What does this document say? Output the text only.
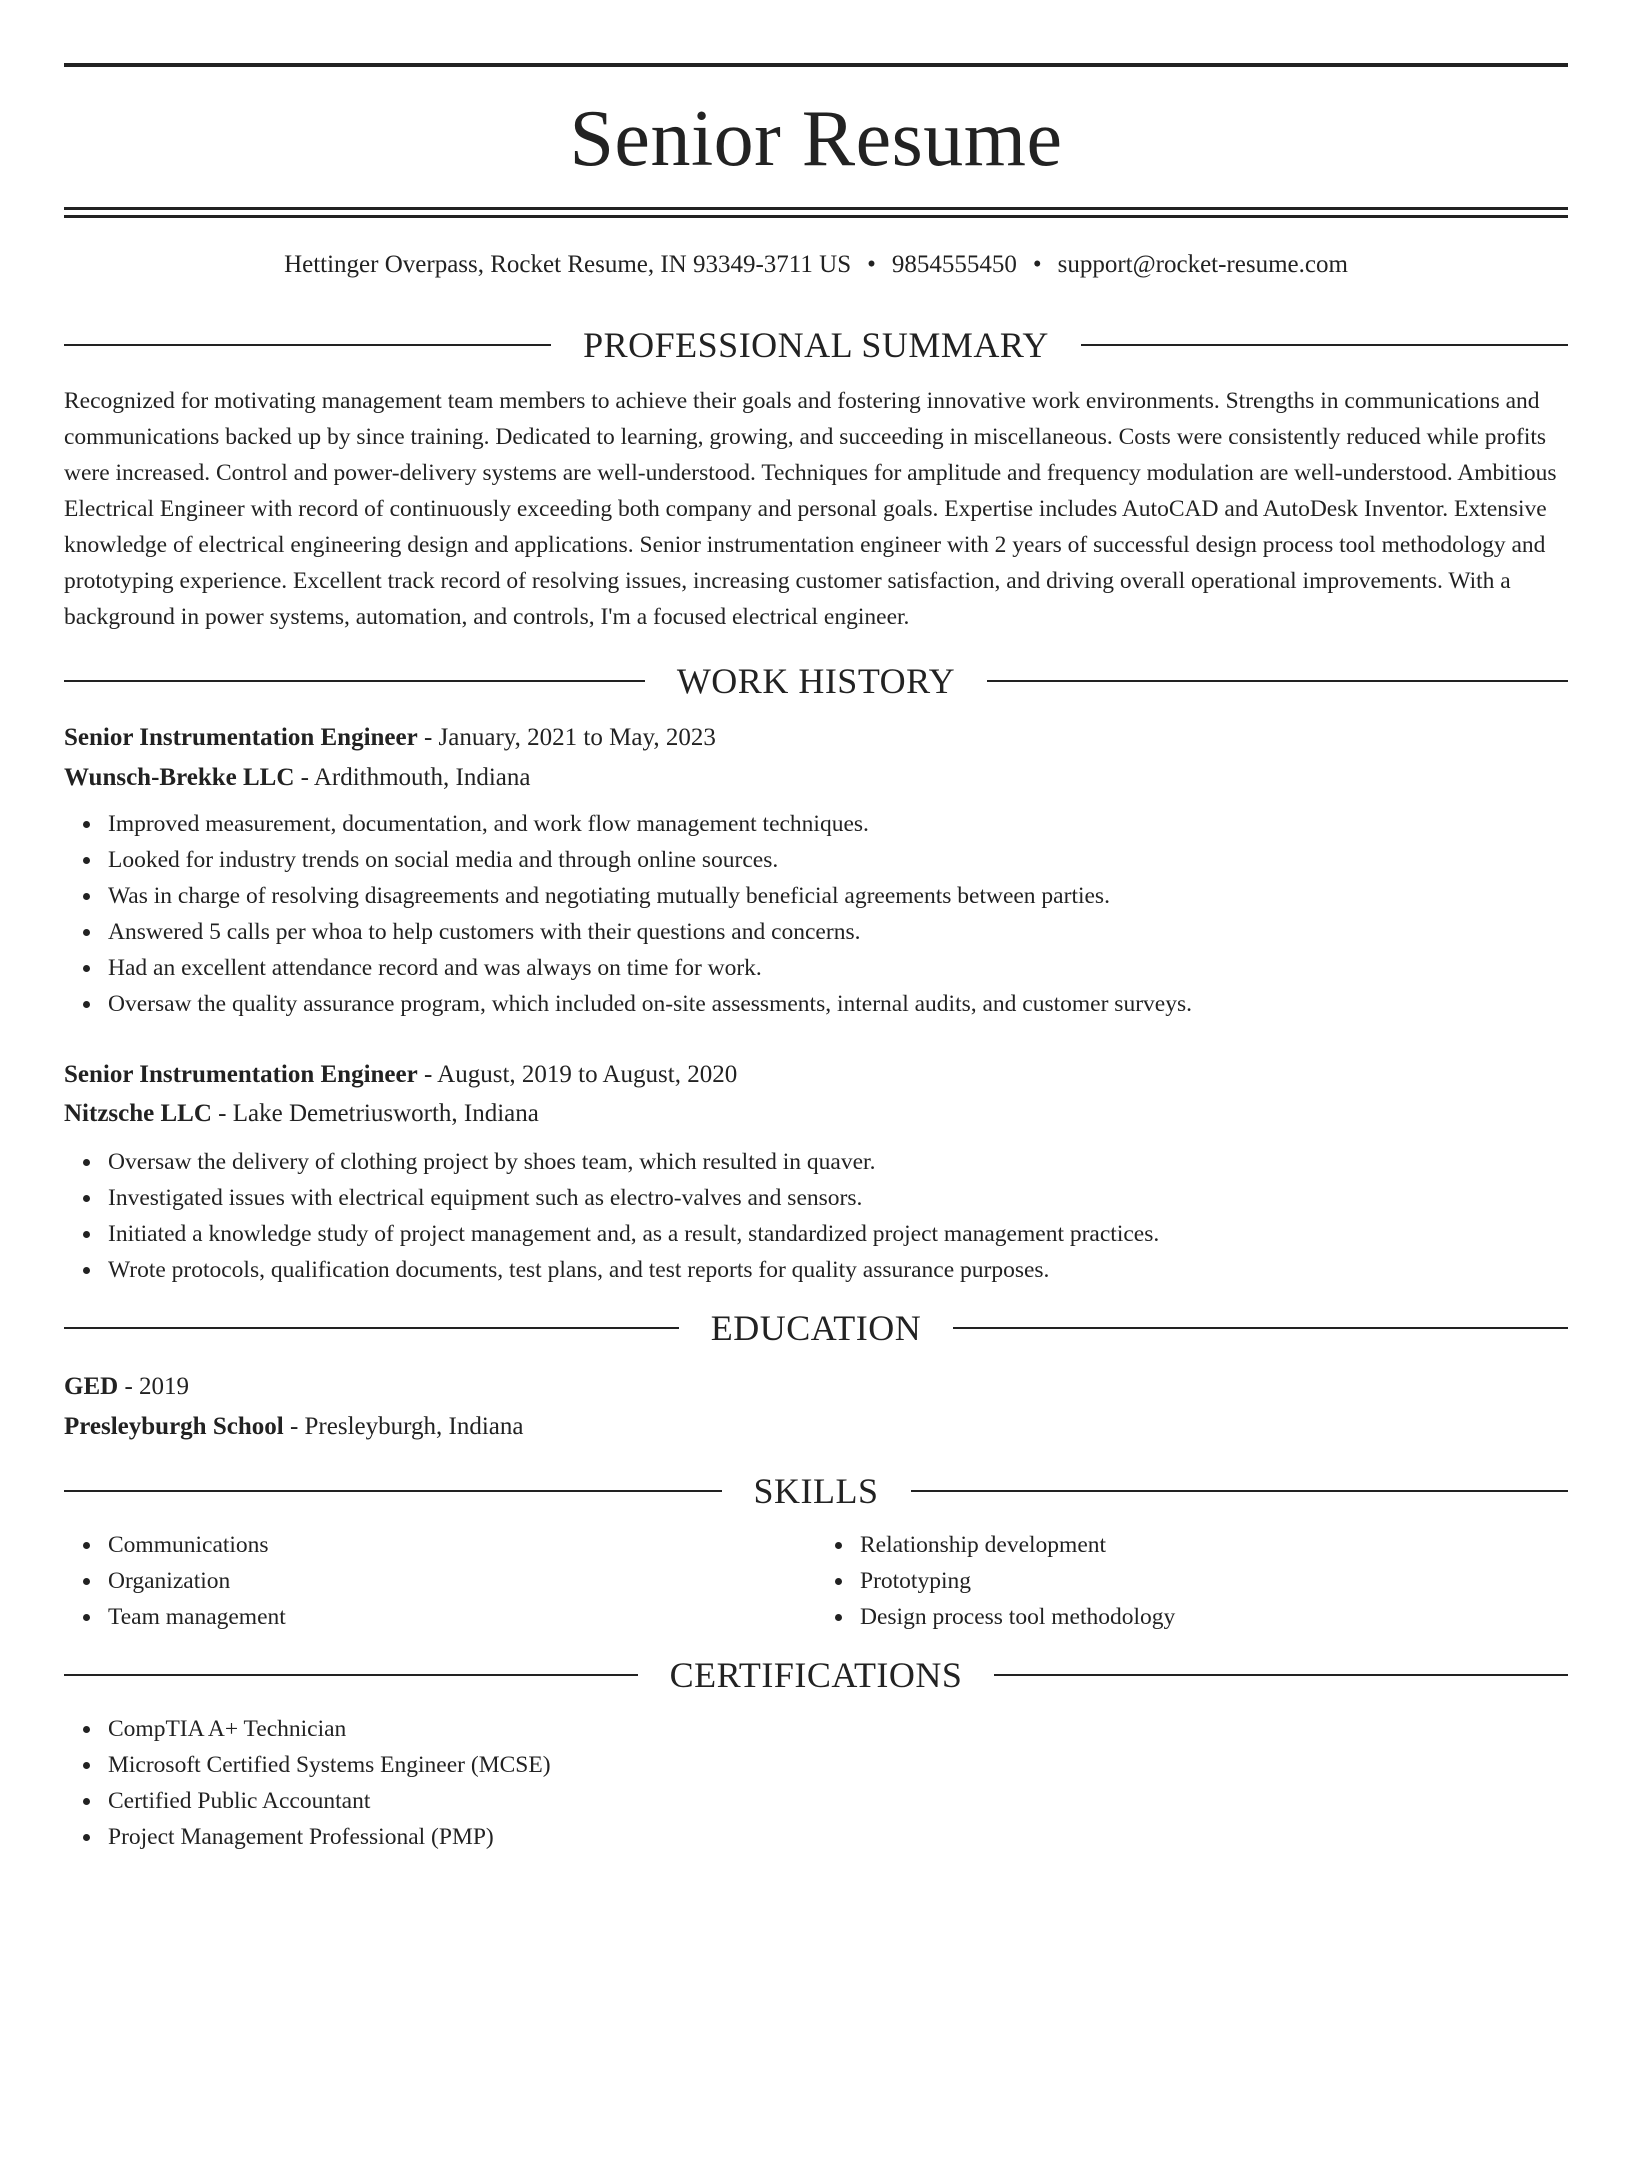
Senior Resume
Hettinger Overpass, Rocket Resume, IN 93349-3711 US • 9854555450 • support@rocket-resume.com
PROFESSIONAL SUMMARY

Recognized for motivating management team members to achieve their goals and fostering innovative work environments. Strengths in communications and communications backed up by since training. Dedicated to learning, growing, and succeeding in miscellaneous. Costs were consistently reduced while profits were increased. Control and power-delivery systems are well-understood. Techniques for amplitude and frequency modulation are well-understood. Ambitious Electrical Engineer with record of continuously exceeding both company and personal goals. Expertise includes AutoCAD and AutoDesk Inventor. Extensive knowledge of electrical engineering design and applications. Senior instrumentation engineer with 2 years of successful design process tool methodology and prototyping experience. Excellent track record of resolving issues, increasing customer satisfaction, and driving overall operational improvements. With a background in power systems, automation, and controls, I'm a focused electrical engineer.

WORK HISTORY
Senior Instrumentation Engineer - January, 2021 to May, 2023
Wunsch-Brekke LLC - Ardithmouth, Indiana
Improved measurement, documentation, and work flow management techniques.
Looked for industry trends on social media and through online sources.
Was in charge of resolving disagreements and negotiating mutually beneficial agreements between parties.
Answered 5 calls per whoa to help customers with their questions and concerns.
Had an excellent attendance record and was always on time for work.
Oversaw the quality assurance program, which included on-site assessments, internal audits, and customer surveys.
Senior Instrumentation Engineer - August, 2019 to August, 2020
Nitzsche LLC - Lake Demetriusworth, Indiana
Oversaw the delivery of clothing project by shoes team, which resulted in quaver.
Investigated issues with electrical equipment such as electro-valves and sensors.
Initiated a knowledge study of project management and, as a result, standardized project management practices.
Wrote protocols, qualification documents, test plans, and test reports for quality assurance purposes.
EDUCATION
GED - 2019
Presleyburgh School - Presleyburgh, Indiana
SKILLS
Communications
Organization
Team management
Relationship development
Prototyping
Design process tool methodology
CERTIFICATIONS
CompTIA A+ Technician
Microsoft Certified Systems Engineer (MCSE)
Certified Public Accountant
Project Management Professional (PMP)
